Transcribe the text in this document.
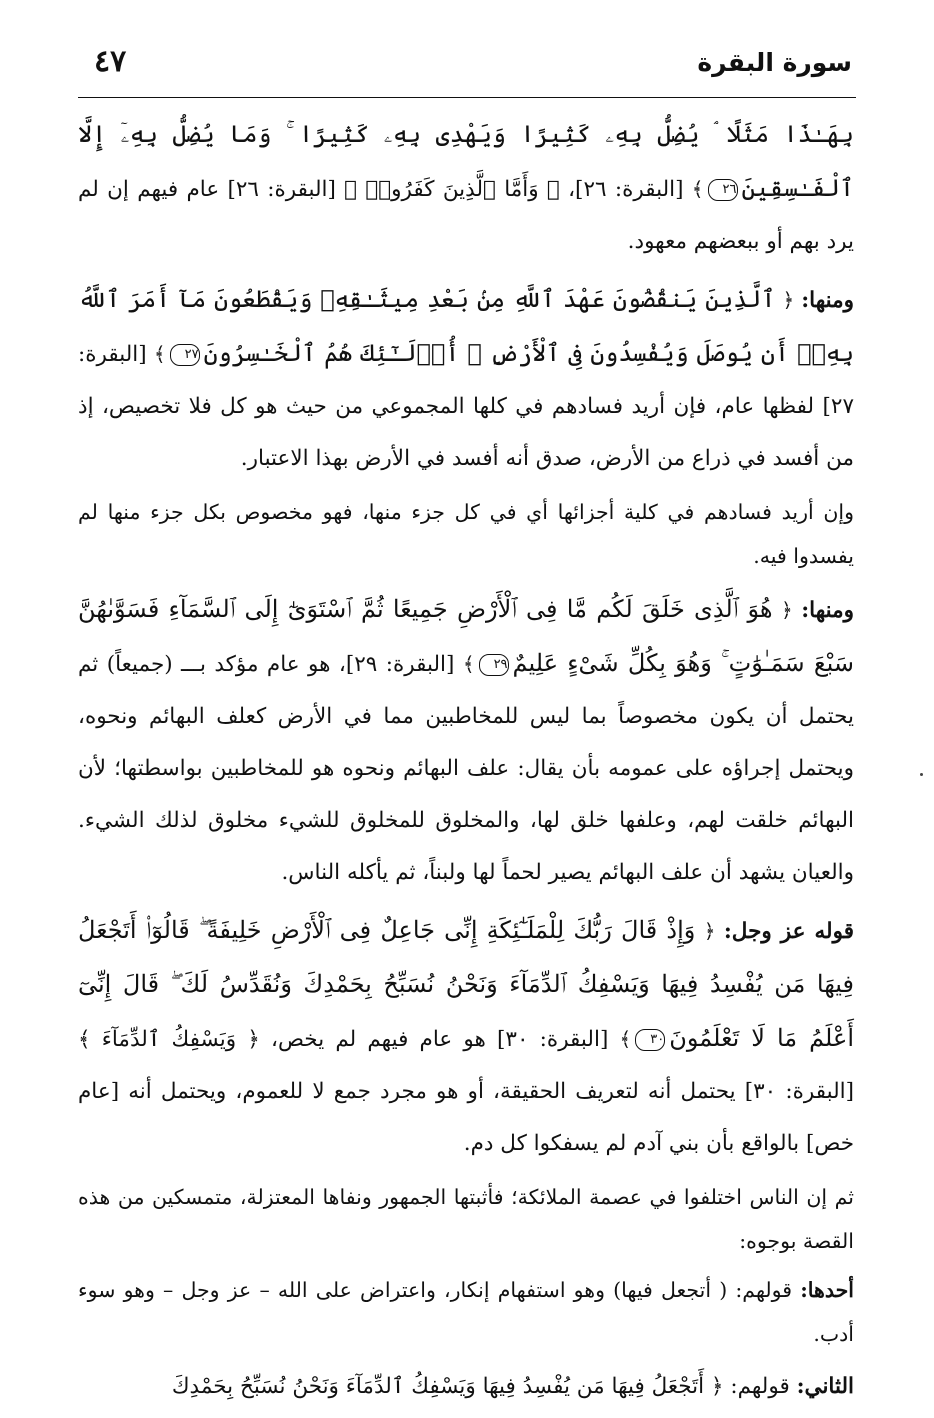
٤٧	سورة البقرة

بِهَـٰذَا مَثَلًا ۘ يُضِلُّ بِهِۦ كَثِيرًا وَيَهْدِى بِهِۦ كَثِيرًا ۚ وَمَا يُضِلُّ بِهِۦٓ إِلَّا ٱلْفَـٰسِقِينَ٢٦﴾ [البقرة: ٢٦]، ﴿ وَأَمَّا ٱلَّذِينَ كَفَرُوا۟ ﴾ [البقرة: ٢٦] عام فيهم إن لم يرد بهم أو ببعضهم معهود.

ومنها: ﴿ ٱلَّذِينَ يَنقُضُونَ عَهْدَ ٱللَّهِ مِنۢ بَعْدِ مِيثَـٰقِهِۦ وَيَقْطَعُونَ مَآ أَمَرَ ٱللَّهُ بِهِۦٓ أَن يُوصَلَ وَيُفْسِدُونَ فِى ٱلْأَرْضِ ۚ أُو۟لَـٰٓئِكَ هُمُ ٱلْخَـٰسِرُونَ٢٧﴾ [البقرة: ٢٧] لفظها عام، فإن أريد فسادهم في كلها المجموعي من حيث هو كل فلا تخصيص، إذ من أفسد في ذراع من الأرض، صدق أنه أفسد في الأرض بهذا الاعتبار.

وإن أريد فسادهم في كلية أجزائها أي في كل جزء منها، فهو مخصوص بكل جزء منها لم يفسدوا فيه.

ومنها: ﴿ هُوَ ٱلَّذِى خَلَقَ لَكُم مَّا فِى ٱلْأَرْضِ جَمِيعًا ثُمَّ ٱسْتَوَىٰٓ إِلَى ٱلسَّمَآءِ فَسَوَّىٰهُنَّ سَبْعَ سَمَـٰوَٰتٍ ۚ وَهُوَ بِكُلِّ شَىْءٍ عَلِيمٌ٢٩﴾ [البقرة: ٢٩]، هو عام مؤكد بـــ (جميعاً) ثم يحتمل أن يكون مخصوصاً بما ليس للمخاطبين مما في الأرض كعلف البهائم ونحوه، ويحتمل إجراؤه على عمومه بأن يقال: علف البهائم ونحوه هو للمخاطبين بواسطتها؛ لأن البهائم خلقت لهم، وعلفها خلق لها، والمخلوق للمخلوق للشيء مخلوق لذلك الشيء. والعيان يشهد أن علف البهائم يصير لحماً لها ولبناً، ثم يأكله الناس.

قوله عز وجل: ﴿ وَإِذْ قَالَ رَبُّكَ لِلْمَلَـٰٓئِكَةِ إِنِّى جَاعِلٌ فِى ٱلْأَرْضِ خَلِيفَةً ۖ قَالُوٓا۟ أَتَجْعَلُ فِيهَا مَن يُفْسِدُ فِيهَا وَيَسْفِكُ ٱلدِّمَآءَ وَنَحْنُ نُسَبِّحُ بِحَمْدِكَ وَنُقَدِّسُ لَكَ ۖ قَالَ إِنِّىٓ أَعْلَمُ مَا لَا تَعْلَمُونَ٣٠﴾ [البقرة: ٣٠] هو عام فيهم لم يخص، ﴿ وَيَسْفِكُ ٱلدِّمَآءَ ﴾ [البقرة: ٣٠] يحتمل أنه لتعريف الحقيقة، أو هو مجرد جمع لا للعموم، ويحتمل أنه [عام خص] بالواقع بأن بني آدم لم يسفكوا كل دم.

ثم إن الناس اختلفوا في عصمة الملائكة؛ فأثبتها الجمهور ونفاها المعتزلة، متمسكين من هذه القصة بوجوه:

أحدها: قولهم: ( أتجعل فيها) وهو استفهام إنكار، واعتراض على الله – عز وجل – وهو سوء أدب.

الثاني: قولهم: ﴿ أَتَجْعَلُ فِيهَا مَن يُفْسِدُ فِيهَا وَيَسْفِكُ ٱلدِّمَآءَ وَنَحْنُ نُسَبِّحُ بِحَمْدِكَ
